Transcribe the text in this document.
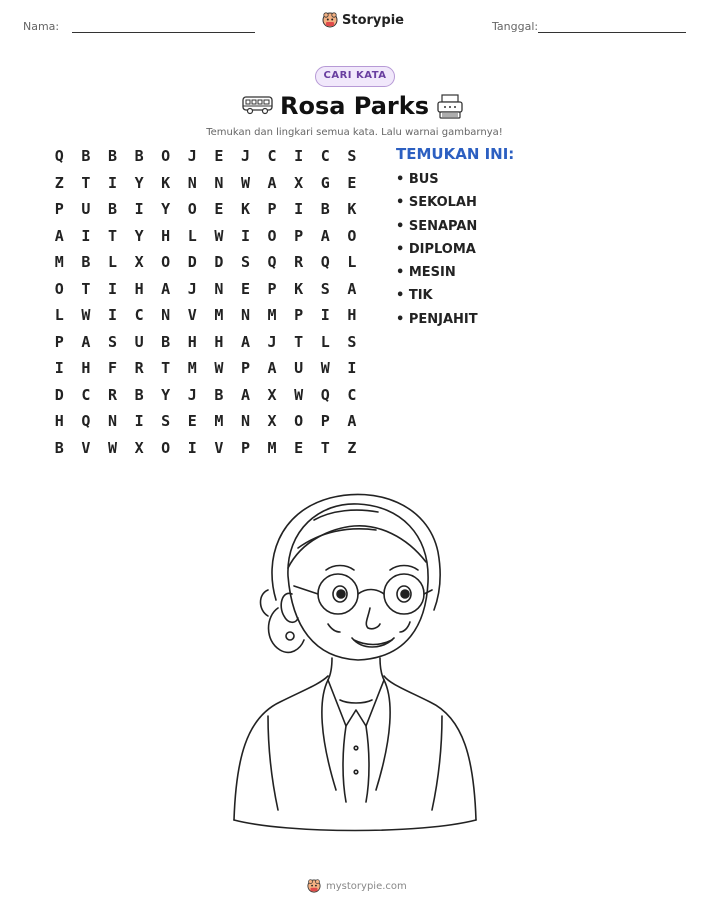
Nama:	Storypie	Tanggal:
CARI KATA
Rosa Parks
Temukan dan lingkari semua kata. Lalu warnai gambarnya!
Q	B	B	B	O	J	E	J	C	I	C	S
Z	T	I	Y	K	N	N	W	A	X	G	E
P	U	B	I	Y	O	E	K	P	I	B	K
A	I	T	Y	H	L	W	I	O	P	A	O
M	B	L	X	O	D	D	S	Q	R	Q	L
O	T	I	H	A	J	N	E	P	K	S	A
L	W	I	C	N	V	M	N	M	P	I	H
P	A	S	U	B	H	H	A	J	T	L	S
I	H	F	R	T	M	W	P	A	U	W	I
D	C	R	B	Y	J	B	A	X	W	Q	C
H	Q	N	I	S	E	M	N	X	O	P	A
B	V	W	X	O	I	V	P	M	E	T	Z
TEMUKAN INI:
• BUS
• SEKOLAH
• SENAPAN
• DIPLOMA
• MESIN
• TIK
• PENJAHIT
mystorypie.com
